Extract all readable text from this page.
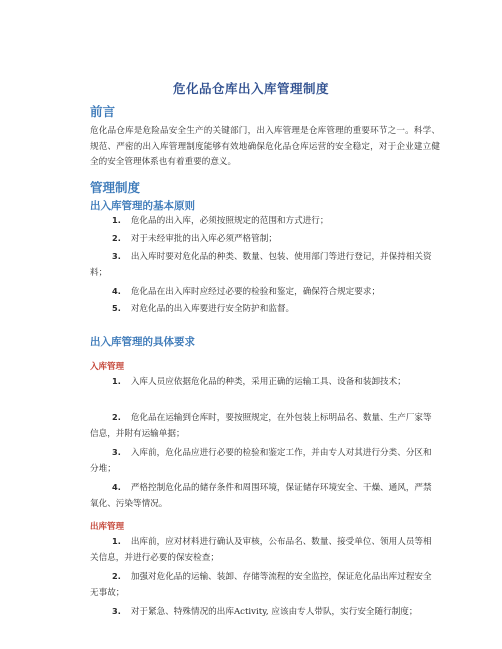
危化品仓库出入库管理制度
前言

危化品仓库是危险品安全生产的关键部门，出入库管理是仓库管理的重要环节之一。科学、规范、严密的出入库管理制度能够有效地确保危化品仓库运营的安全稳定，对于企业建立健全的安全管理体系也有着重要的意义。

管理制度
出入库管理的基本原则

1. 危化品的出入库，必须按照规定的范围和方式进行；

2. 对于未经审批的出入库必须严格管制；

3. 出入库时要对危化品的种类、数量、包装、使用部门等进行登记，并保持相关资料；

4. 危化品在出入库时应经过必要的检验和鉴定，确保符合规定要求；

5. 对危化品的出入库要进行安全防护和监督。

出入库管理的具体要求
入库管理

1. 入库人员应依据危化品的种类，采用正确的运输工具、设备和装卸技术；

2. 危化品在运输到仓库时，要按照规定，在外包装上标明品名、数量、生产厂家等信息，并附有运输单据；

3. 入库前，危化品应进行必要的检验和鉴定工作，并由专人对其进行分类、分区和分堆；

4. 严格控制危化品的储存条件和周围环境，保证储存环境安全、干燥、通风，严禁氧化、污染等情况。

出库管理

1. 出库前，应对材料进行确认及审核，公布品名、数量、接受单位、领用人员等相关信息，并进行必要的保安检查；

2. 加强对危化品的运输、装卸、存储等流程的安全监控，保证危化品出库过程安全无事故；

3. 对于紧急、特殊情况的出库Activity, 应该由专人带队，实行安全随行制度；
